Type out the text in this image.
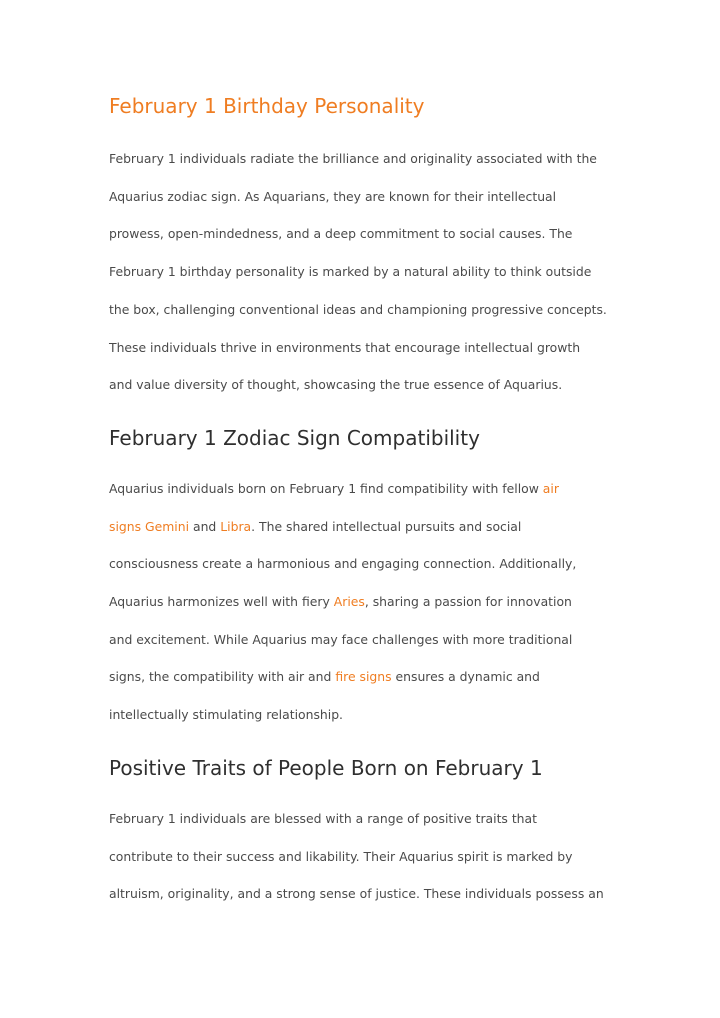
February 1 Birthday Personality

February 1 individuals radiate the brilliance and originality associated with the
Aquarius zodiac sign. As Aquarians, they are known for their intellectual
prowess, open-mindedness, and a deep commitment to social causes. The
February 1 birthday personality is marked by a natural ability to think outside
the box, challenging conventional ideas and championing progressive concepts.
These individuals thrive in environments that encourage intellectual growth
and value diversity of thought, showcasing the true essence of Aquarius.

February 1 Zodiac Sign Compatibility

Aquarius individuals born on February 1 find compatibility with fellow air
signs Gemini and Libra. The shared intellectual pursuits and social
consciousness create a harmonious and engaging connection. Additionally,
Aquarius harmonizes well with fiery Aries, sharing a passion for innovation
and excitement. While Aquarius may face challenges with more traditional
signs, the compatibility with air and fire signs ensures a dynamic and
intellectually stimulating relationship.

Positive Traits of People Born on February 1

February 1 individuals are blessed with a range of positive traits that
contribute to their success and likability. Their Aquarius spirit is marked by
altruism, originality, and a strong sense of justice. These individuals possess an
